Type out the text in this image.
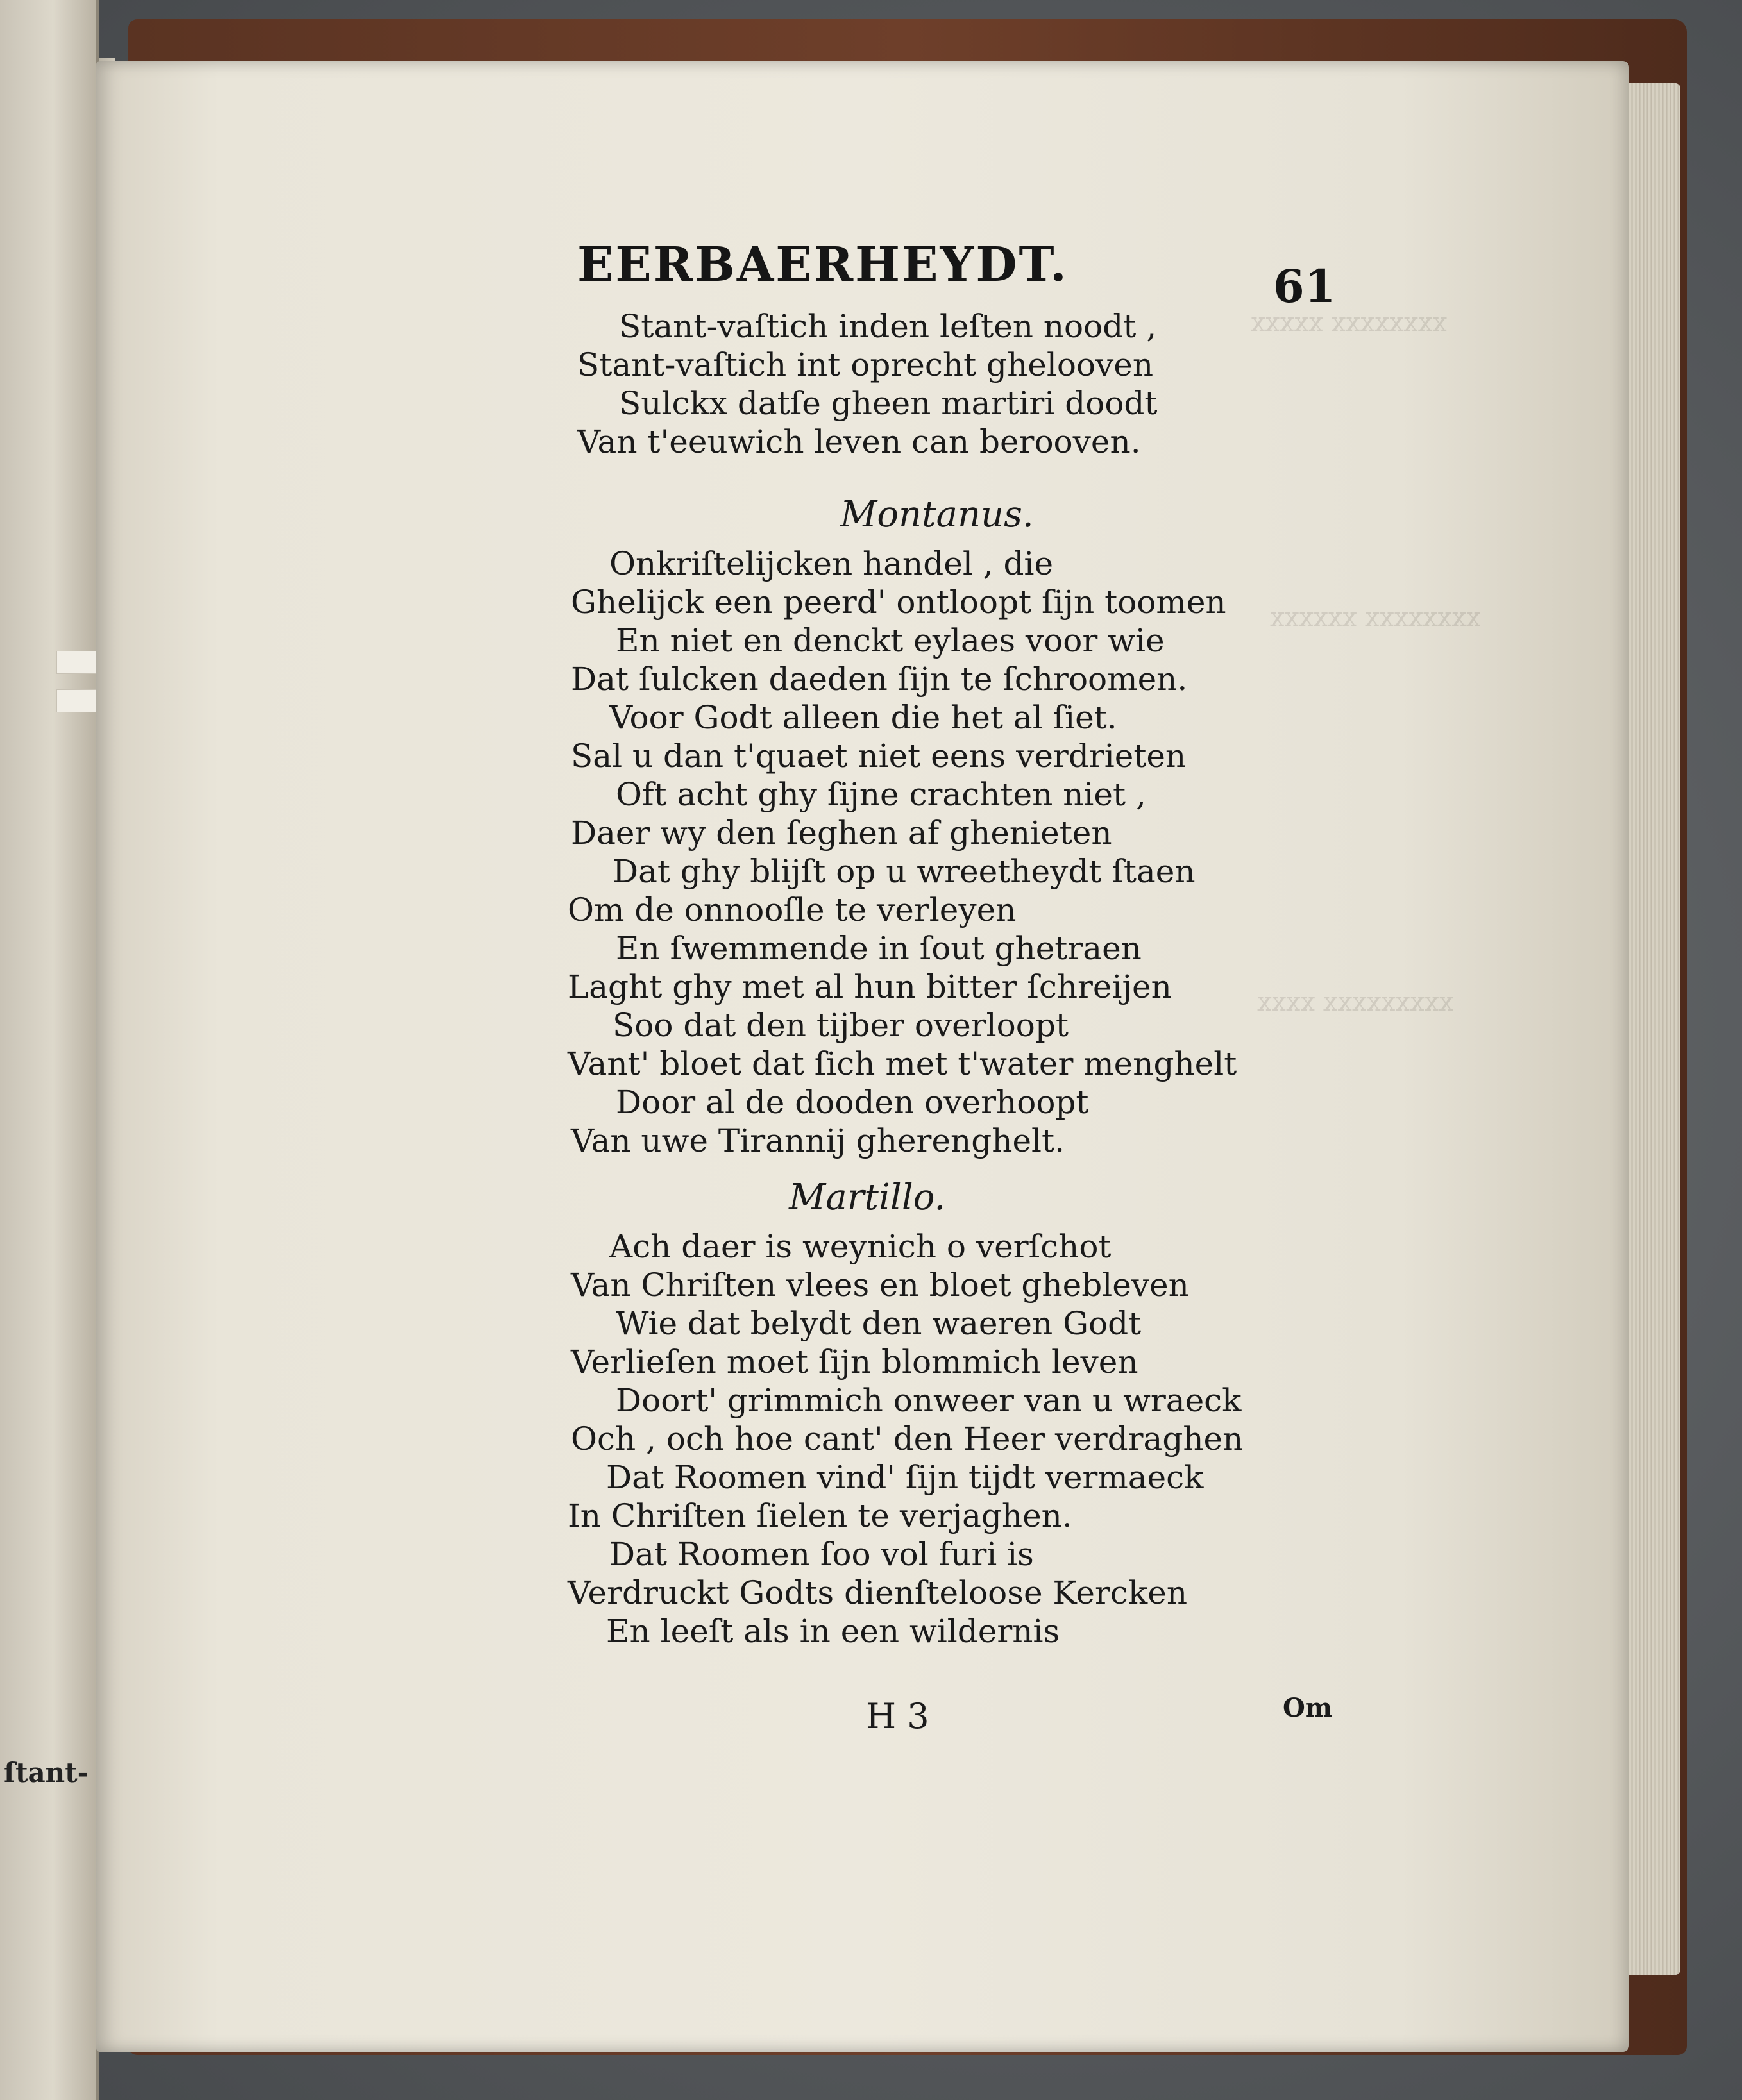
ſtant-
xxxxxxxx xxxxx
xxxxxxxx xxxxxx
xxxxxxxxx xxxx
EERBAERHEYDT.	61
Stant-vaſtich inden leſten noodt ,
Stant-vaſtich int oprecht ghelooven
Sulckx datſe gheen martiri doodt
Van t'eeuwich leven can berooven.
Montanus.
Onkriſtelijcken handel , die
Ghelijck een peerd' ontloopt ſijn toomen
En niet en denckt eylaes voor wie
Dat ſulcken daeden ſijn te ſchroomen.
Voor Godt alleen die het al ſiet.
Sal u dan t'quaet niet eens verdrieten
Oft acht ghy ſijne crachten niet ,
Daer wy den ſeghen af ghenieten
Dat ghy blijſt op u wreetheydt ſtaen
Om de onnooſle te verleyen
En ſwemmende in ſout ghetraen
Laght ghy met al hun bitter ſchreijen
Soo dat den tijber overloopt
Vant' bloet dat ſich met t'water menghelt
Door al de dooden overhoopt
Van uwe Tirannij gherenghelt.
Martillo.
Ach daer is weynich o verſchot
Van Chriſten vlees en bloet ghebleven
Wie dat belydt den waeren Godt
Verlieſen moet ſijn blommich leven
Doort' grimmich onweer van u wraeck
Och , och hoe cant' den Heer verdraghen
Dat Roomen vind' ſijn tijdt vermaeck
In Chriſten ſielen te verjaghen.
Dat Roomen ſoo vol furi is
Verdruckt Godts dienſteloose Kercken
En leeſt als in een wildernis
H 3	Om
